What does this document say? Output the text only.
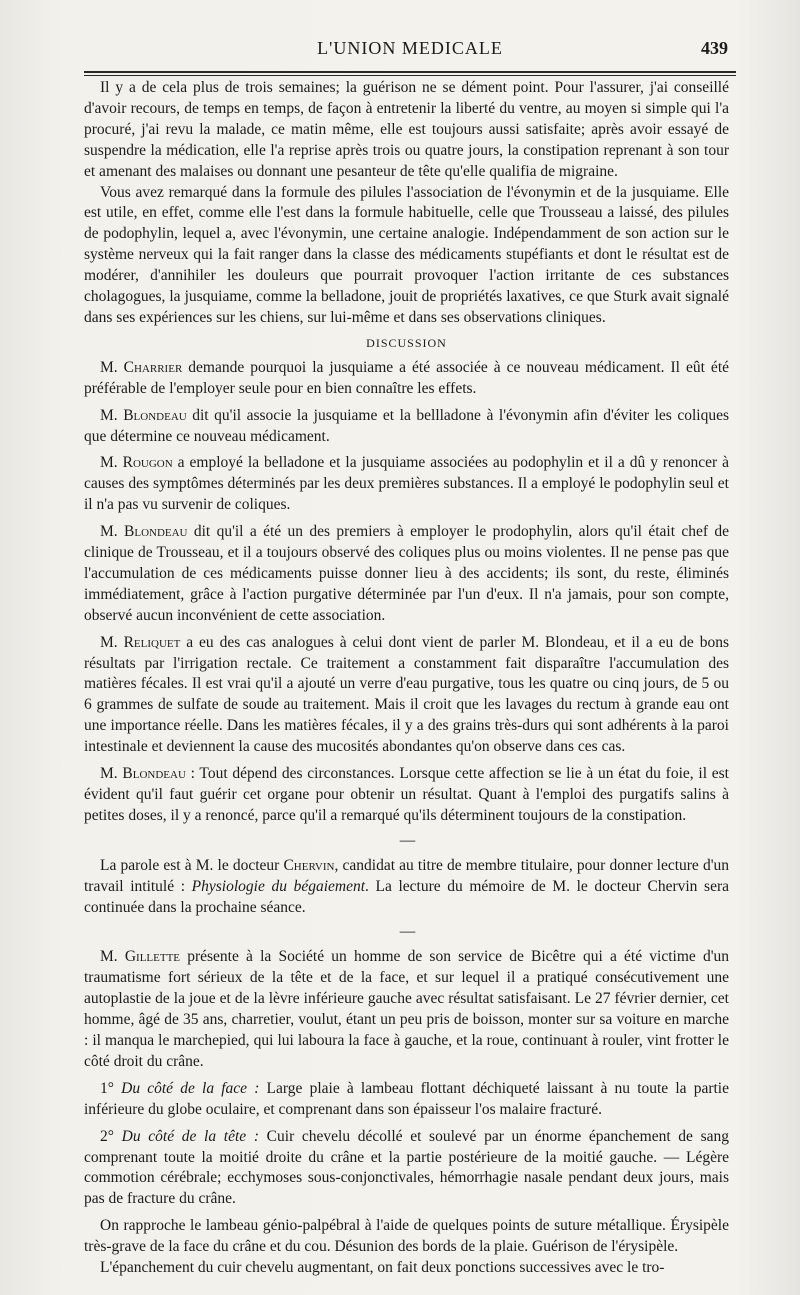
L'UNION MEDICALE	439

Il y a de cela plus de trois semaines; la guérison ne se dément point. Pour l'assurer, j'ai conseillé d'avoir recours, de temps en temps, de façon à entretenir la liberté du ventre, au moyen si simple qui l'a procuré, j'ai revu la malade, ce matin même, elle est toujours aussi satisfaite; après avoir essayé de suspendre la médication, elle l'a reprise après trois ou quatre jours, la constipation reprenant à son tour et amenant des malaises ou donnant une pesanteur de tête qu'elle qualifia de migraine.

Vous avez remarqué dans la formule des pilules l'association de l'évonymin et de la jusquiame. Elle est utile, en effet, comme elle l'est dans la formule habituelle, celle que Trousseau a laissé, des pilules de podophylin, lequel a, avec l'évonymin, une certaine analogie. Indépendamment de son action sur le système nerveux qui la fait ranger dans la classe des médicaments stupéfiants et dont le résultat est de modérer, d'annihiler les douleurs que pourrait provoquer l'action irritante de ces substances cholagogues, la jusquiame, comme la belladone, jouit de propriétés laxatives, ce que Sturk avait signalé dans ses expériences sur les chiens, sur lui-même et dans ses observations cliniques.

DISCUSSION

M. Charrier demande pourquoi la jusquiame a été associée à ce nouveau médicament. Il eût été préférable de l'employer seule pour en bien connaître les effets.

M. Blondeau dit qu'il associe la jusquiame et la bellladone à l'évonymin afin d'éviter les coliques que détermine ce nouveau médicament.

M. Rougon a employé la belladone et la jusquiame associées au podophylin et il a dû y renoncer à causes des symptômes déterminés par les deux premières substances. Il a employé le podophylin seul et il n'a pas vu survenir de coliques.

M. Blondeau dit qu'il a été un des premiers à employer le prodophylin, alors qu'il était chef de clinique de Trousseau, et il a toujours observé des coliques plus ou moins violentes. Il ne pense pas que l'accumulation de ces médicaments puisse donner lieu à des accidents; ils sont, du reste, éliminés immédiatement, grâce à l'action purgative déterminée par l'un d'eux. Il n'a jamais, pour son compte, observé aucun inconvénient de cette association.

M. Reliquet a eu des cas analogues à celui dont vient de parler M. Blondeau, et il a eu de bons résultats par l'irrigation rectale. Ce traitement a constamment fait disparaître l'accumulation des matières fécales. Il est vrai qu'il a ajouté un verre d'eau purgative, tous les quatre ou cinq jours, de 5 ou 6 grammes de sulfate de soude au traitement. Mais il croit que les lavages du rectum à grande eau ont une importance réelle. Dans les matières fécales, il y a des grains très-durs qui sont adhérents à la paroi intestinale et deviennent la cause des mucosités abondantes qu'on observe dans ces cas.

M. Blondeau : Tout dépend des circonstances. Lorsque cette affection se lie à un état du foie, il est évident qu'il faut guérir cet organe pour obtenir un résultat. Quant à l'emploi des purgatifs salins à petites doses, il y a renoncé, parce qu'il a remarqué qu'ils déterminent toujours de la constipation.

—

La parole est à M. le docteur Chervin, candidat au titre de membre titulaire, pour donner lecture d'un travail intitulé : Physiologie du bégaiement. La lecture du mémoire de M. le docteur Chervin sera continuée dans la prochaine séance.

—

M. Gillette présente à la Société un homme de son service de Bicêtre qui a été victime d'un traumatisme fort sérieux de la tête et de la face, et sur lequel il a pratiqué consécutivement une autoplastie de la joue et de la lèvre inférieure gauche avec résultat satisfaisant. Le 27 février dernier, cet homme, âgé de 35 ans, charretier, voulut, étant un peu pris de boisson, monter sur sa voiture en marche : il manqua le marchepied, qui lui laboura la face à gauche, et la roue, continuant à rouler, vint frotter le côté droit du crâne.

1° Du côté de la face : Large plaie à lambeau flottant déchiqueté laissant à nu toute la partie inférieure du globe oculaire, et comprenant dans son épaisseur l'os malaire fracturé.

2° Du côté de la tête : Cuir chevelu décollé et soulevé par un énorme épanchement de sang comprenant toute la moitié droite du crâne et la partie postérieure de la moitié gauche. — Légère commotion cérébrale; ecchymoses sous-conjonctivales, hémorrhagie nasale pendant deux jours, mais pas de fracture du crâne.

On rapproche le lambeau génio-palpébral à l'aide de quelques points de suture métallique. Érysipèle très-grave de la face du crâne et du cou. Désunion des bords de la plaie. Guérison de l'érysipèle.

L'épanchement du cuir chevelu augmentant, on fait deux ponctions successives avec le tro-
